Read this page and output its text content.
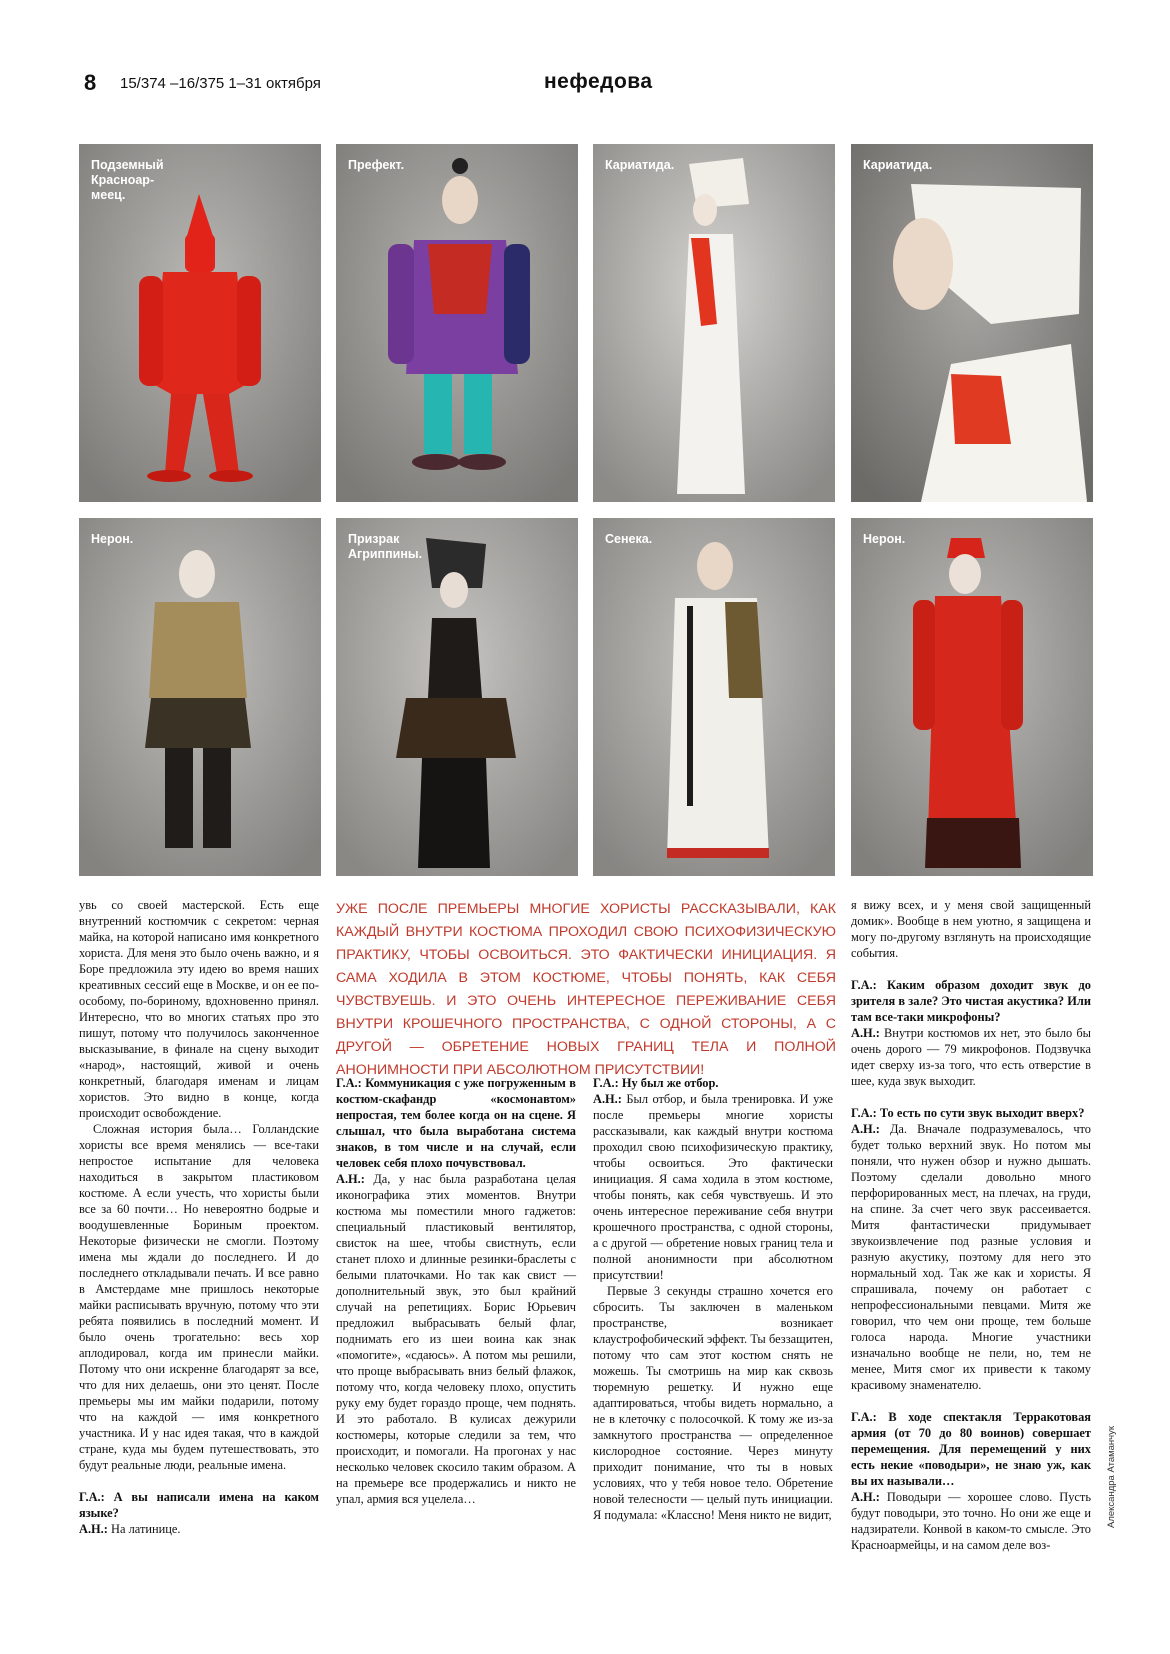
8 15/374 –16/375 1–31 октября	нефедова
Подземный
Красноар-
меец.
Префект.	Кариатида.	Кариатида.
Нерон.	Призрак
Агриппины.
Сенека.	Нерон.
УЖЕ ПОСЛЕ ПРЕМЬЕРЫ МНОГИЕ ХОРИСТЫ РАССКАЗЫВАЛИ, КАК КАЖДЫЙ ВНУТРИ КОСТЮМА ПРОХОДИЛ СВОЮ ПСИХОФИЗИЧЕСКУЮ ПРАКТИКУ, ЧТОБЫ ОСВОИТЬСЯ. ЭТО ФАКТИЧЕСКИ ИНИЦИАЦИЯ. Я САМА ХОДИЛА В ЭТОМ КОСТЮМЕ, ЧТОБЫ ПОНЯТЬ, КАК СЕБЯ ЧУВСТВУЕШЬ. И ЭТО ОЧЕНЬ ИНТЕРЕСНОЕ ПЕРЕЖИВАНИЕ СЕБЯ ВНУТРИ КРОШЕЧНОГО ПРОСТРАНСТВА, С ОДНОЙ СТОРОНЫ, А С ДРУГОЙ — ОБРЕТЕНИЕ НОВЫХ ГРАНИЦ ТЕЛА И ПОЛНОЙ АНОНИМНОСТИ ПРИ АБСОЛЮТНОМ ПРИСУТСТВИИ!

увь со своей мастерской. Есть еще внутренний костюмчик с секретом: черная майка, на которой написано имя конкретного хориста. Для меня это было очень важно, и я Боре предложила эту идею во время наших креативных сессий еще в Москве, и он ее по-особому, по-бориному, вдохновенно принял. Интересно, что во многих статьях про это пишут, потому что получилось законченное высказывание, в финале на сцену выходит «народ», настоящий, живой и очень конкретный, благодаря именам и лицам хористов. Это видно в конце, когда происходит освобождение.

Сложная история была… Голландские хористы все время менялись — все-таки непростое испытание для человека находиться в закрытом пластиковом костюме. А если учесть, что хористы были все за 60 почти… Но невероятно бодрые и воодушевленные Бориным проектом. Некоторые физически не смогли. Поэтому имена мы ждали до последнего. И до последнего откладывали печать. И все равно в Амстердаме мне пришлось некоторые майки расписывать вручную, потому что эти ребята появились в последний момент. И было очень трогательно: весь хор аплодировал, когда им принесли майки. Потому что они искренне благодарят за все, что для них делаешь, они это ценят. После премьеры мы им майки подарили, потому что на каждой — имя конкретного участника. И у нас идея такая, что в каждой стране, куда мы будем путешествовать, это будут реальные люди, реальные имена.

Г.А.: А вы написали имена на каком языке?

А.Н.: На латинице.

Г.А.: Коммуникация с уже погруженным в костюм-скафандр «космонавтом» непростая, тем более когда он на сцене. Я слышал, что была выработана система знаков, в том числе и на случай, если человек себя плохо почувствовал.

А.Н.: Да, у нас была разработана целая иконографика этих моментов. Внутри костюма мы поместили много гаджетов: специальный пластиковый вентилятор, свисток на шее, чтобы свистнуть, если станет плохо и длинные резинки-браслеты с белыми платочками. Но так как свист — дополнительный звук, это был крайний случай на репетициях. Борис Юрьевич предложил выбрасывать белый флаг, поднимать его из шеи воина как знак «помогите», «сдаюсь». А потом мы решили, что проще выбрасывать вниз белый флажок, потому что, когда человеку плохо, опустить руку ему будет гораздо проще, чем поднять. И это работало. В кулисах дежурили костюмеры, которые следили за тем, что происходит, и помогали. На прогонах у нас несколько человек скосило таким образом. А на премьере все продержались и никто не упал, армия вся уцелела…

Г.А.: Ну был же отбор.

А.Н.: Был отбор, и была тренировка. И уже после премьеры многие хористы рассказывали, как каждый внутри костюма проходил свою психофизическую практику, чтобы освоиться. Это фактически инициация. Я сама ходила в этом костюме, чтобы понять, как себя чувствуешь. И это очень интересное переживание себя внутри крошечного пространства, с одной стороны, а с другой — обретение новых границ тела и полной анонимности при абсолютном присутствии!

Первые 3 секунды страшно хочется его сбросить. Ты заключен в маленьком пространстве, возникает клаустрофобический эффект. Ты беззащитен, потому что сам этот костюм снять не можешь. Ты смотришь на мир как сквозь тюремную решетку. И нужно еще адаптироваться, чтобы видеть нормально, а не в клеточку с полосочкой. К тому же из-за замкнутого пространства — определенное кислородное состояние. Через минуту приходит понимание, что ты в новых условиях, что у тебя новое тело. Обретение новой телесности — целый путь инициации. Я подумала: «Классно! Меня никто не видит,

я вижу всех, и у меня свой защищенный домик». Вообще в нем уютно, я защищена и могу по-другому взглянуть на происходящие события.

Г.А.: Каким образом доходит звук до зрителя в зале? Это чистая акустика? Или там все-таки микрофоны?

А.Н.: Внутри костюмов их нет, это было бы очень дорого — 79 микрофонов. Подзвучка идет сверху из-за того, что есть отверстие в шее, куда звук выходит.

Г.А.: То есть по сути звук выходит вверх?

А.Н.: Да. Вначале подразумевалось, что будет только верхний звук. Но потом мы поняли, что нужен обзор и нужно дышать. Поэтому сделали довольно много перфорированных мест, на плечах, на груди, на спине. За счет чего звук рассеивается. Митя фантастически придумывает звукоизвлечение под разные условия и разную акустику, поэтому для него это нормальный ход. Так же как и хористы. Я спрашивала, почему он работает с непрофессиональными певцами. Митя же говорил, что чем они проще, тем больше голоса народа. Многие участники изначально вообще не пели, но, тем не менее, Митя смог их привести к такому красивому знаменателю.

Г.А.: В ходе спектакля Терракотовая армия (от 70 до 80 воинов) совершает перемещения. Для перемещений у них есть некие «поводыри», не знаю уж, как вы их называли…

А.Н.: Поводыри — хорошее слово. Пусть будут поводыри, это точно. Но они же еще и надзиратели. Конвой в каком-то смысле. Это Красноармейцы, и на самом деле воз-

Александра Атаманчук
